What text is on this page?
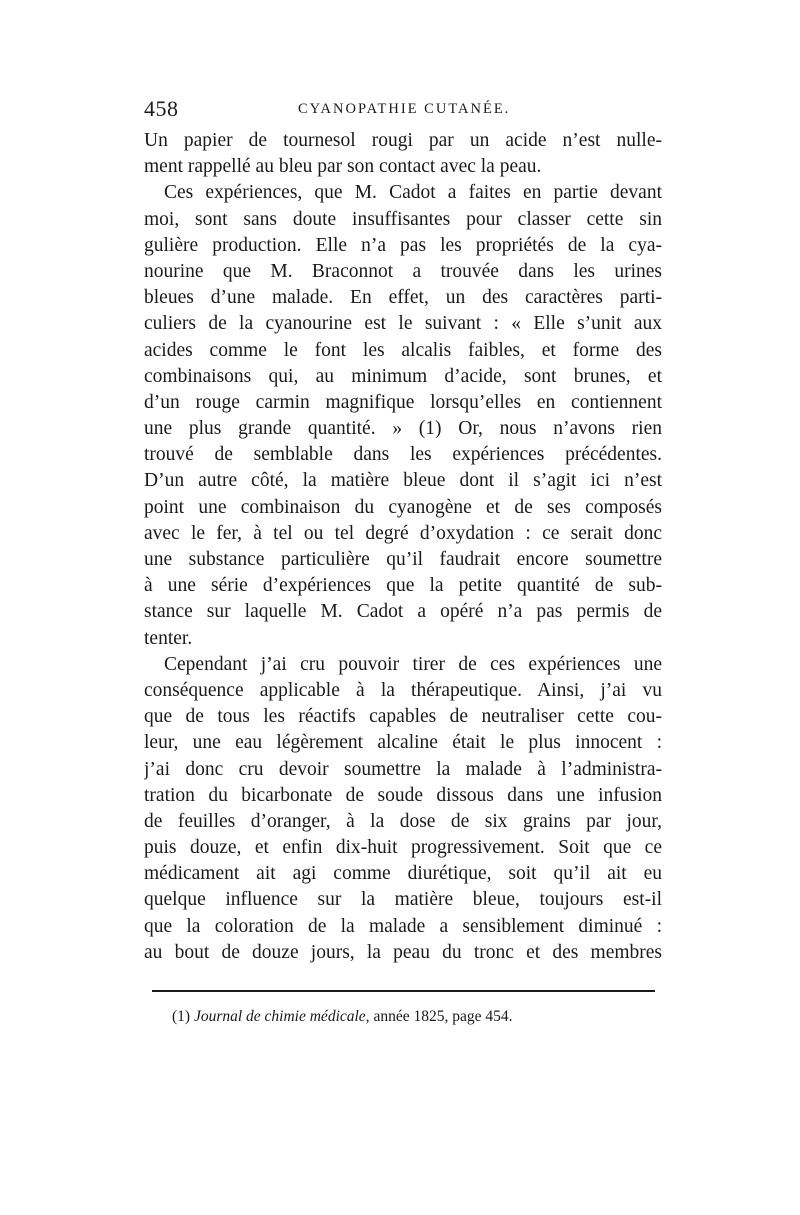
458	CYANOPATHIE CUTANÉE.
Un papier de tournesol rougi par un acide n’est nulle-
ment rappellé au bleu par son contact avec la peau.
Ces expériences, que M. Cadot a faites en partie devant
moi, sont sans doute insuffisantes pour classer cette sin
gulière production. Elle n’a pas les propriétés de la cya-
nourine que M. Braconnot a trouvée dans les urines
bleues d’une malade. En effet, un des caractères parti-
culiers de la cyanourine est le suivant : « Elle s’unit aux
acides comme le font les alcalis faibles, et forme des
combinaisons qui, au minimum d’acide, sont brunes, et
d’un rouge carmin magnifique lorsqu’elles en contiennent
une plus grande quantité. » (1) Or, nous n’avons rien
trouvé de semblable dans les expériences précédentes.
D’un autre côté, la matière bleue dont il s’agit ici n’est
point une combinaison du cyanogène et de ses composés
avec le fer, à tel ou tel degré d’oxydation : ce serait donc
une substance particulière qu’il faudrait encore soumettre
à une série d’expériences que la petite quantité de sub-
stance sur laquelle M. Cadot a opéré n’a pas permis de
tenter.
Cependant j’ai cru pouvoir tirer de ces expériences une
conséquence applicable à la thérapeutique. Ainsi, j’ai vu
que de tous les réactifs capables de neutraliser cette cou-
leur, une eau légèrement alcaline était le plus innocent :
j’ai donc cru devoir soumettre la malade à l’administra-
tration du bicarbonate de soude dissous dans une infusion
de feuilles d’oranger, à la dose de six grains par jour,
puis douze, et enfin dix-huit progressivement. Soit que ce
médicament ait agi comme diurétique, soit qu’il ait eu
quelque influence sur la matière bleue, toujours est-il
que la coloration de la malade a sensiblement diminué :
au bout de douze jours, la peau du tronc et des membres
(1) Journal de chimie médicale, année 1825, page 454.
